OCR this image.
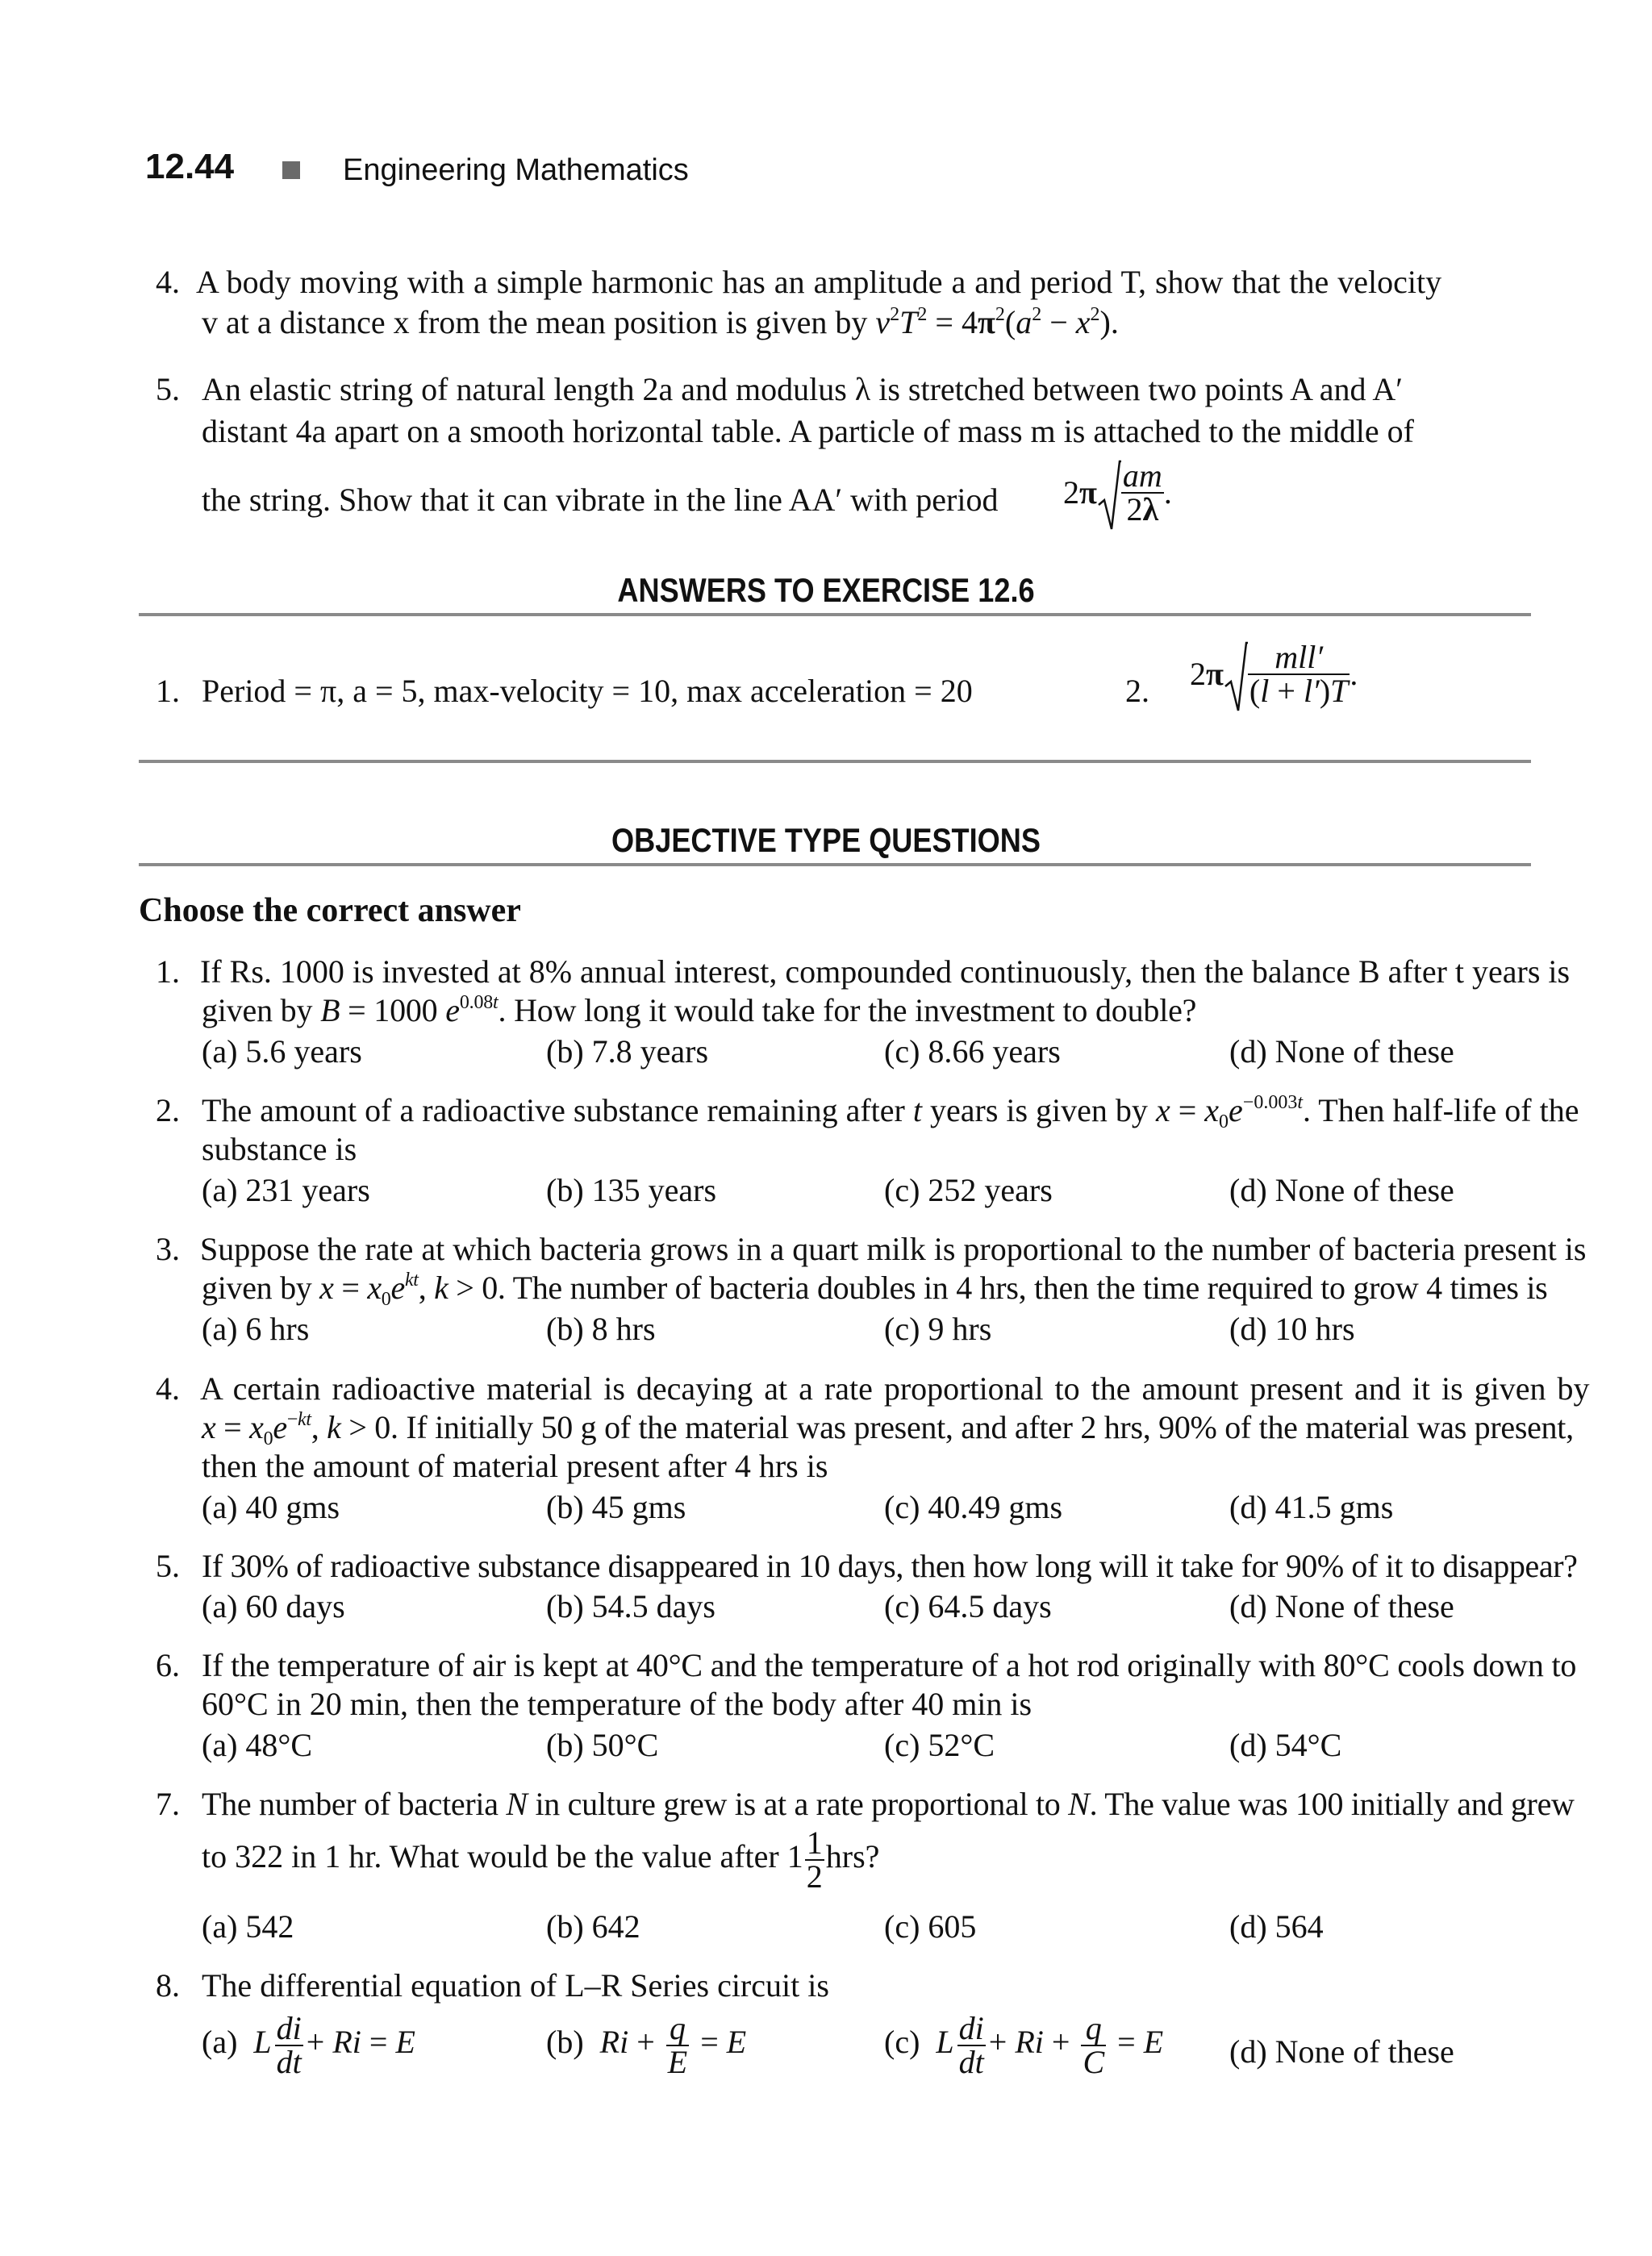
12.44	Engineering Mathematics
4. A body moving with a simple harmonic has an amplitude a and period T, show that the velocity
v at a distance x from the mean position is given by $v^2T^2 = 4\pi^2(a^2 - x^2)$.
5. An elastic string of natural length 2a and modulus λ is stretched between two points A and A′
distant 4a apart on a smooth horizontal table. A particle of mass m is attached to the middle of
the string. Show that it can vibrate in the line AA′ with period $2\pi \frac{am}{2\lambda}$ .
ANSWERS TO EXERCISE 12.6
1. Period = π, a = 5, max-velocity = 10, max acceleration = 20	2. $2\pi \frac{\text{mll′}}{(l + l')T}$ .
OBJECTIVE TYPE QUESTIONS
Choose the correct answer
1. If Rs. 1000 is invested at 8% annual interest, compounded continuously, then the balance B after t years is
given by B = 1000 $e^{0.08t}$. How long it would take for the investment to double?
(a) 5.6 years	(b) 7.8 years	(c) 8.66 years	(d) None of these
2. The amount of a radioactive substance remaining after t years is given by $x = x_0e^{-0.003t}$. Then half-life of the
substance is
(a) 231 years	(b) 135 years	(c) 252 years	(d) None of these
3. Suppose the rate at which bacteria grows in a quart milk is proportional to the number of bacteria present is
given by $x = x_0e^{kt}$, k > 0. The number of bacteria doubles in 4 hrs, then the time required to grow 4 times is
(a) 6 hrs	(b) 8 hrs	(c) 9 hrs	(d) 10 hrs
4. A certain radioactive material is decaying at a rate proportional to the amount present and it is given by
$x = x_0e^{-kt}$, k > 0. If initially 50 g of the material was present, and after 2 hrs, 90% of the material was present,
then the amount of material present after 4 hrs is
(a) 40 gms	(b) 45 gms	(c) 40.49 gms	(d) 41.5 gms
5. If 30% of radioactive substance disappeared in 10 days, then how long will it take for 90% of it to disappear?
(a) 60 days	(b) 54.5 days	(c) 64.5 days	(d) None of these
6. If the temperature of air is kept at 40°C and the temperature of a hot rod originally with 80°C cools down to
60°C in 20 min, then the temperature of the body after 40 min is
(a) 48°C	(b) 50°C	(c) 52°C	(d) 54°C
7. The number of bacteria N in culture grew is at a rate proportional to N. The value was 100 initially and grew
to 322 in 1 hr. What would be the value after $1 \frac{1}{2}$ hrs?
(a) 542	(b) 642	(c) 605	(d) 564
8. The differential equation of L–R Series circuit is
(a)  L $\frac{di}{dt} + Ri = E$	(b)  $Ri + \frac{q}{E} = E$	(c)  L $\frac{di}{dt} + Ri + \frac{q}{C} = E$ (d) None of these
